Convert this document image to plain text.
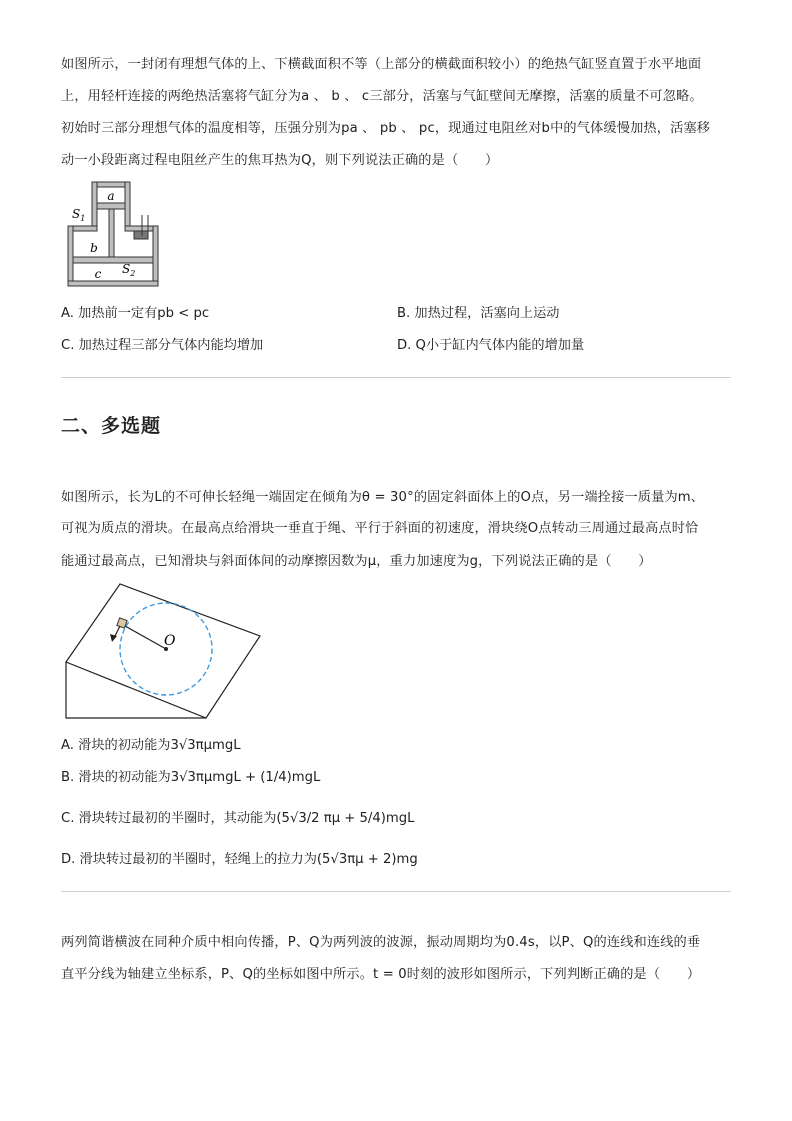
如图所示，一封闭有理想气体的上、下横截面积不等（上部分的横截面积较小）的绝热气缸竖直置于水平地面
上，用轻杆连接的两绝热活塞将气缸分为a 、 b 、 c三部分，活塞与气缸壁间无摩擦，活塞的质量不可忽略。
初始时三部分理想气体的温度相等，压强分别为pa 、 pb 、 pc，现通过电阻丝对b中的气体缓慢加热，活塞移
动一小段距离过程电阻丝产生的焦耳热为Q，则下列说法正确的是（　　）
a
b
c
$S_1$
$S_2$
A. 加热前一定有pb < pc	B. 加热过程，活塞向上运动
C. 加热过程三部分气体内能均增加	D. Q小于缸内气体内能的增加量
二、多选题
如图所示，长为L的不可伸长轻绳一端固定在倾角为θ = 30°的固定斜面体上的O点，另一端拴接一质量为m、
可视为质点的滑块。在最高点给滑块一垂直于绳、平行于斜面的初速度，滑块绕O点转动三周通过最高点时恰
能通过最高点，已知滑块与斜面体间的动摩擦因数为μ，重力加速度为g，下列说法正确的是（　　）
O
A. 滑块的初动能为3√3πμmgL
B. 滑块的初动能为3√3πμmgL + (1/4)mgL
C. 滑块转过最初的半圈时，其动能为(5√3/2 πμ + 5/4)mgL
D. 滑块转过最初的半圈时，轻绳上的拉力为(5√3πμ + 2)mg
两列简谐横波在同种介质中相向传播，P、Q为两列波的波源，振动周期均为0.4s，以P、Q的连线和连线的垂
直平分线为轴建立坐标系，P、Q的坐标如图中所示。t = 0时刻的波形如图所示，下列判断正确的是（　　）
